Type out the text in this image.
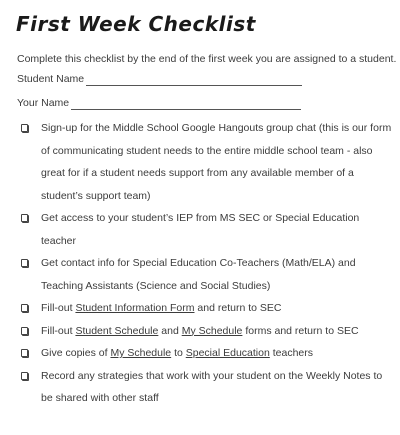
First Week Checklist
Complete this checklist by the end of the first week you are assigned to a student.
Student Name
Your Name
Sign-up for the Middle School Google Hangouts group chat (this is our form of communicating student needs to the entire middle school team - also great for if a student needs support from any available member of a student’s support team)
Get access to your student’s IEP from MS SEC or Special Education teacher
Get contact info for Special Education Co-Teachers (Math/ELA) and Teaching Assistants (Science and Social Studies)
Fill-out Student Information Form and return to SEC
Fill-out Student Schedule and My Schedule forms and return to SEC
Give copies of My Schedule to Special Education teachers
Record any strategies that work with your student on the Weekly Notes to be shared with other staff
